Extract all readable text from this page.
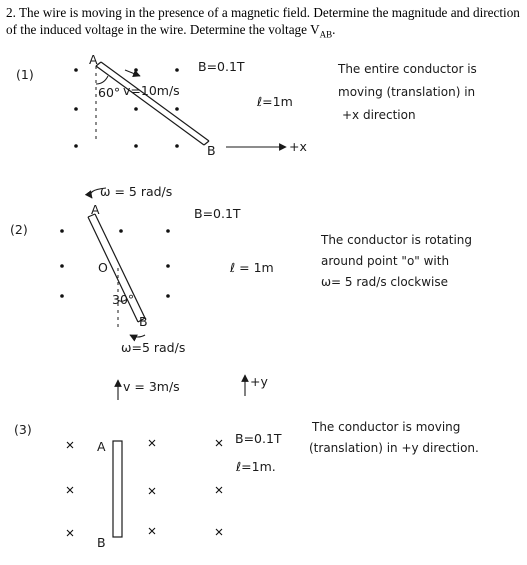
2. The wire is moving in the presence of a magnetic field. Determine the magnitude and direction of the induced voltage in the wire. Determine the voltage $V_{AB}$.
(1)
A
B
60° v=10m/s
B=0.1T
ℓ=1m
+x
The entire conductor is
moving (translation) in
+x direction
(2)
ω = 5 rad/s
A
O
B
30°
ω=5 rad/s
B=0.1T
ℓ = 1m
The conductor is rotating
around point "o" with
ω= 5 rad/s clockwise
(3)
v = 3m/s	+y
A
B
B=0.1T
ℓ=1m.
The conductor is moving
(translation) in +y direction.
